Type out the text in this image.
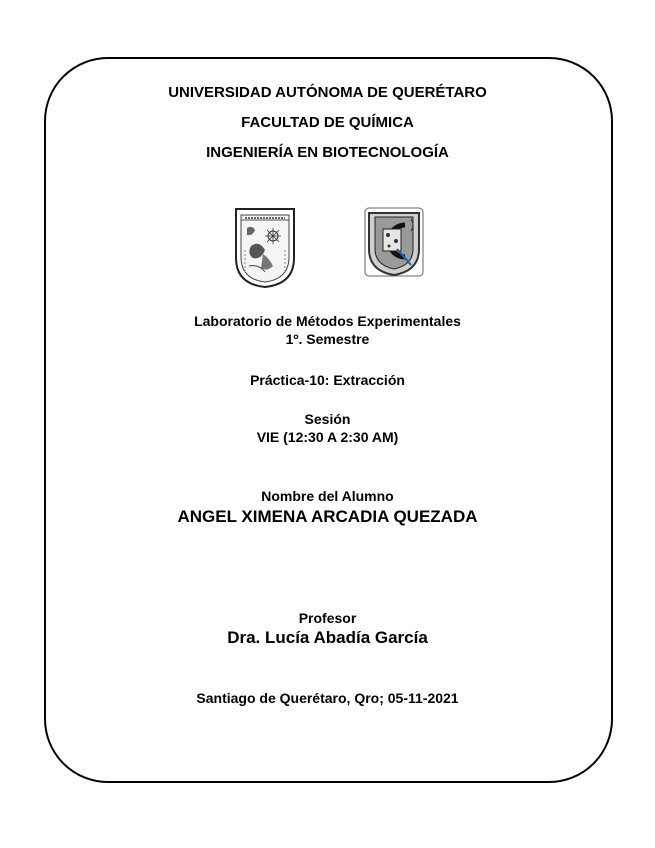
UNIVERSIDAD AUTÓNOMA DE QUERÉTARO
FACULTAD DE QUÍMICA
INGENIERÍA EN BIOTECNOLOGÍA
Laboratorio de Métodos Experimentales
1º. Semestre
Práctica-10: Extracción
Sesión
VIE (12:30 A 2:30 AM)
Nombre del Alumno
ANGEL XIMENA ARCADIA QUEZADA
Profesor
Dra. Lucía Abadía García
Santiago de Querétaro, Qro; 05-11-2021
